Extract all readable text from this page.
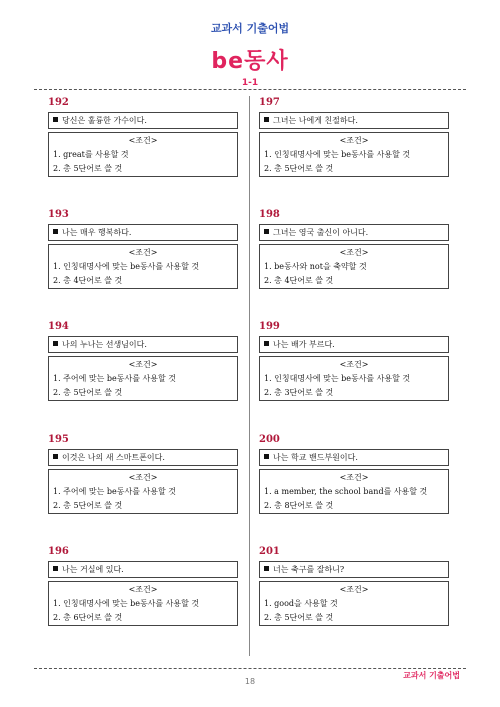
교과서 기출어법
be동사
1-1
192
당신은 훌륭한 가수이다.
<조건>
1. great를 사용할 것
2. 총 5단어로 쓸 것
193
나는 매우 행복하다.
<조건>
1. 인칭대명사에 맞는 be동사를 사용할 것
2. 총 4단어로 쓸 것
194
나의 누나는 선생님이다.
<조건>
1. 주어에 맞는 be동사를 사용할 것
2. 총 5단어로 쓸 것
195
이것은 나의 새 스마트폰이다.
<조건>
1. 주어에 맞는 be동사를 사용할 것
2. 총 5단어로 쓸 것
196
나는 거실에 있다.
<조건>
1. 인칭대명사에 맞는 be동사를 사용할 것
2. 총 6단어로 쓸 것
197
그녀는 나에게 친절하다.
<조건>
1. 인칭대명사에 맞는 be동사를 사용할 것
2. 총 5단어로 쓸 것
198
그녀는 영국 출신이 아니다.
<조건>
1. be동사와 not을 축약할 것
2. 총 4단어로 쓸 것
199
나는 배가 부르다.
<조건>
1. 인칭대명사에 맞는 be동사를 사용할 것
2. 총 3단어로 쓸 것
200
나는 학교 밴드부원이다.
<조건>
1. a member, the school band를 사용할 것
2. 총 8단어로 쓸 것
201
너는 축구를 잘하니?
<조건>
1. good을 사용할 것
2. 총 5단어로 쓸 것
교과서 기출어법
18
